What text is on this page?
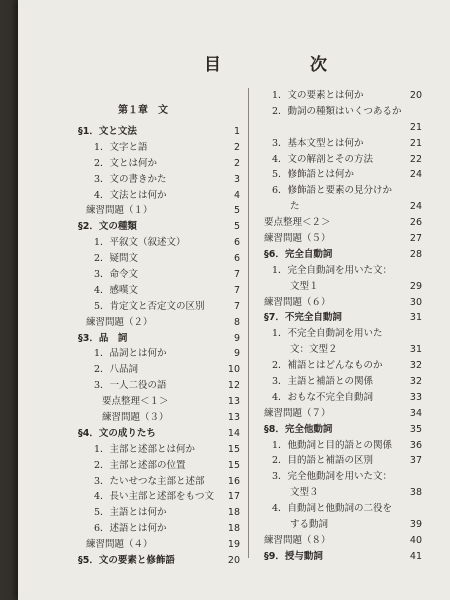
目　次
第１章　文
§1．文と文法	1
1．文字と語	2
2．文とは何か	2
3．文の書きかた	3
4．文法とは何か	4
練習問題（１）	5
§2．文の種類	5
1．平叙文（叙述文）	6
2．疑問文	6
3．命令文	7
4．感嘆文	7
5．肯定文と否定文の区別	7
練習問題（２）	8
§3．品　詞	9
1．品詞とは何か	9
2．八品詞	10
3．一人二役の語	12
要点整理＜１＞	13
練習問題（３）	13
§4．文の成りたち	14
1．主部と述部とは何か	15
2．主部と述部の位置	15
3．たいせつな主部と述部 16
4．長い主部と述部をもつ文 17
5．主語とは何か	18
6．述語とは何か	18
練習問題（４）	19
§5．文の要素と修飾語	20
1．文の要素とは何か	20
2．動詞の種類はいくつあるか
21
3．基本文型とは何か	21
4．文の解剖とその方法	22
5．修飾語とは何か	24
6．修飾語と要素の見分けか
た	24
要点整理＜２＞	26
練習問題（５）	27
§6．完全自動詞	28
1．完全自動詞を用いた文：
文型１	29
練習問題（６）	30
§7．不完全自動詞	31
1．不完全自動詞を用いた
文：文型２	31
2．補語とはどんなものか	32
3．主語と補語との関係	32
4．おもな不完全自動詞	33
練習問題（７）	34
§8．完全他動詞	35
1．他動詞と目的語との関係 36
2．目的語と補語の区別	37
3．完全他動詞を用いた文：
文型３	38
4．自動詞と他動詞の二役を
する動詞	39
練習問題（８）	40
§9．授与動詞	41
